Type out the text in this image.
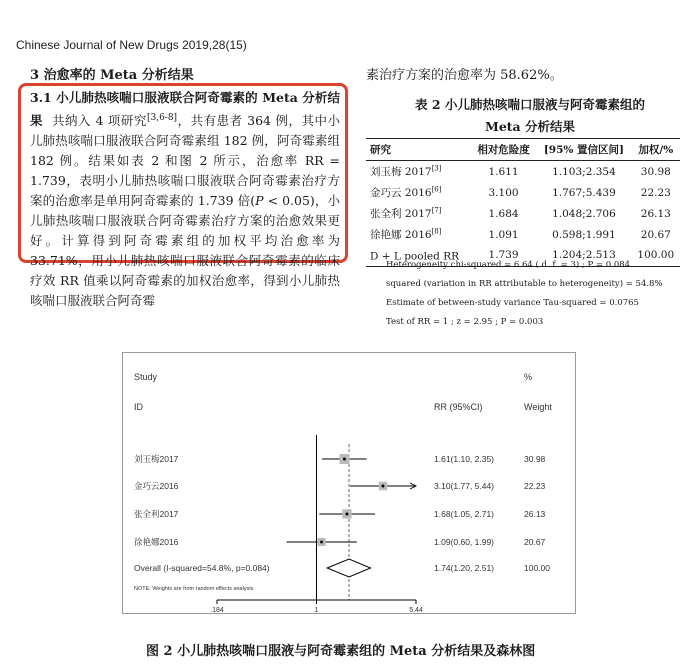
Chinese Journal of New Drugs 2019,28(15)
3 治愈率的 Meta 分析结果

3.1 小儿肺热咳喘口服液联合阿奇霉素的 Meta 分析结果 共纳入 4 项研究[3,6-8]，共有患者 364 例，其中小儿肺热咳喘口服液联合阿奇霉素组 182 例，阿奇霉素组 182 例。结果如表 2 和图 2 所示，治愈率 RR = 1.739，表明小儿肺热咳喘口服液联合阿奇霉素治疗方案的治愈率是单用阿奇霉素的 1.739 倍(P < 0.05)，小儿肺热咳喘口服液联合阿奇霉素治疗方案的治愈效果更好。计算得到阿奇霉素组的加权平均治愈率为 33.71%，用小儿肺热咳喘口服液联合阿奇霉素的临床疗效 RR 值乘以阿奇霉素的加权治愈率，得到小儿肺热咳喘口服液联合阿奇霉

素治疗方案的治愈率为 58.62%。
表 2 小儿肺热咳喘口服液与阿奇霉素组的
Meta 分析结果
研究	相对危险度	[95% 置信区间]	加权/%
刘玉梅 2017[3]	1.611	1.103;2.354	30.98
金巧云 2016[6]	3.100	1.767;5.439	22.23
张全利 2017[7]	1.684	1.048;2.706	26.13
徐艳娜 2016[8]	1.091	0.598;1.991	20.67
D + L pooled RR	1.739	1.204;2.513	100.00
Heterogeneity chi-squared = 6.64 ( d. f. = 3) ; P = 0.084
squared (variation in RR attributable to heterogeneity) = 54.8%
Estimate of between-study variance Tau-squared = 0.0765
Test of RR = 1 ; z = 2.95 ; P = 0.003
Study
ID	RR (95%CI)
%
Weight
刘玉梅2017	1.61(1.10, 2.35)	30.98
金巧云2016	3.10(1.77, 5.44)	22.23
张全利2017	1.68(1.05, 2.71)	26.13
徐艳娜2016	1.09(0.60, 1.99)	20.67
Overall (I-squared=54.8%, p=0.084)	1.74(1.20, 2.51)	100.00
NOTE: Weights are from random effects analysis
.184	1	5.44
图 2 小儿肺热咳喘口服液与阿奇霉素组的 Meta 分析结果及森林图
